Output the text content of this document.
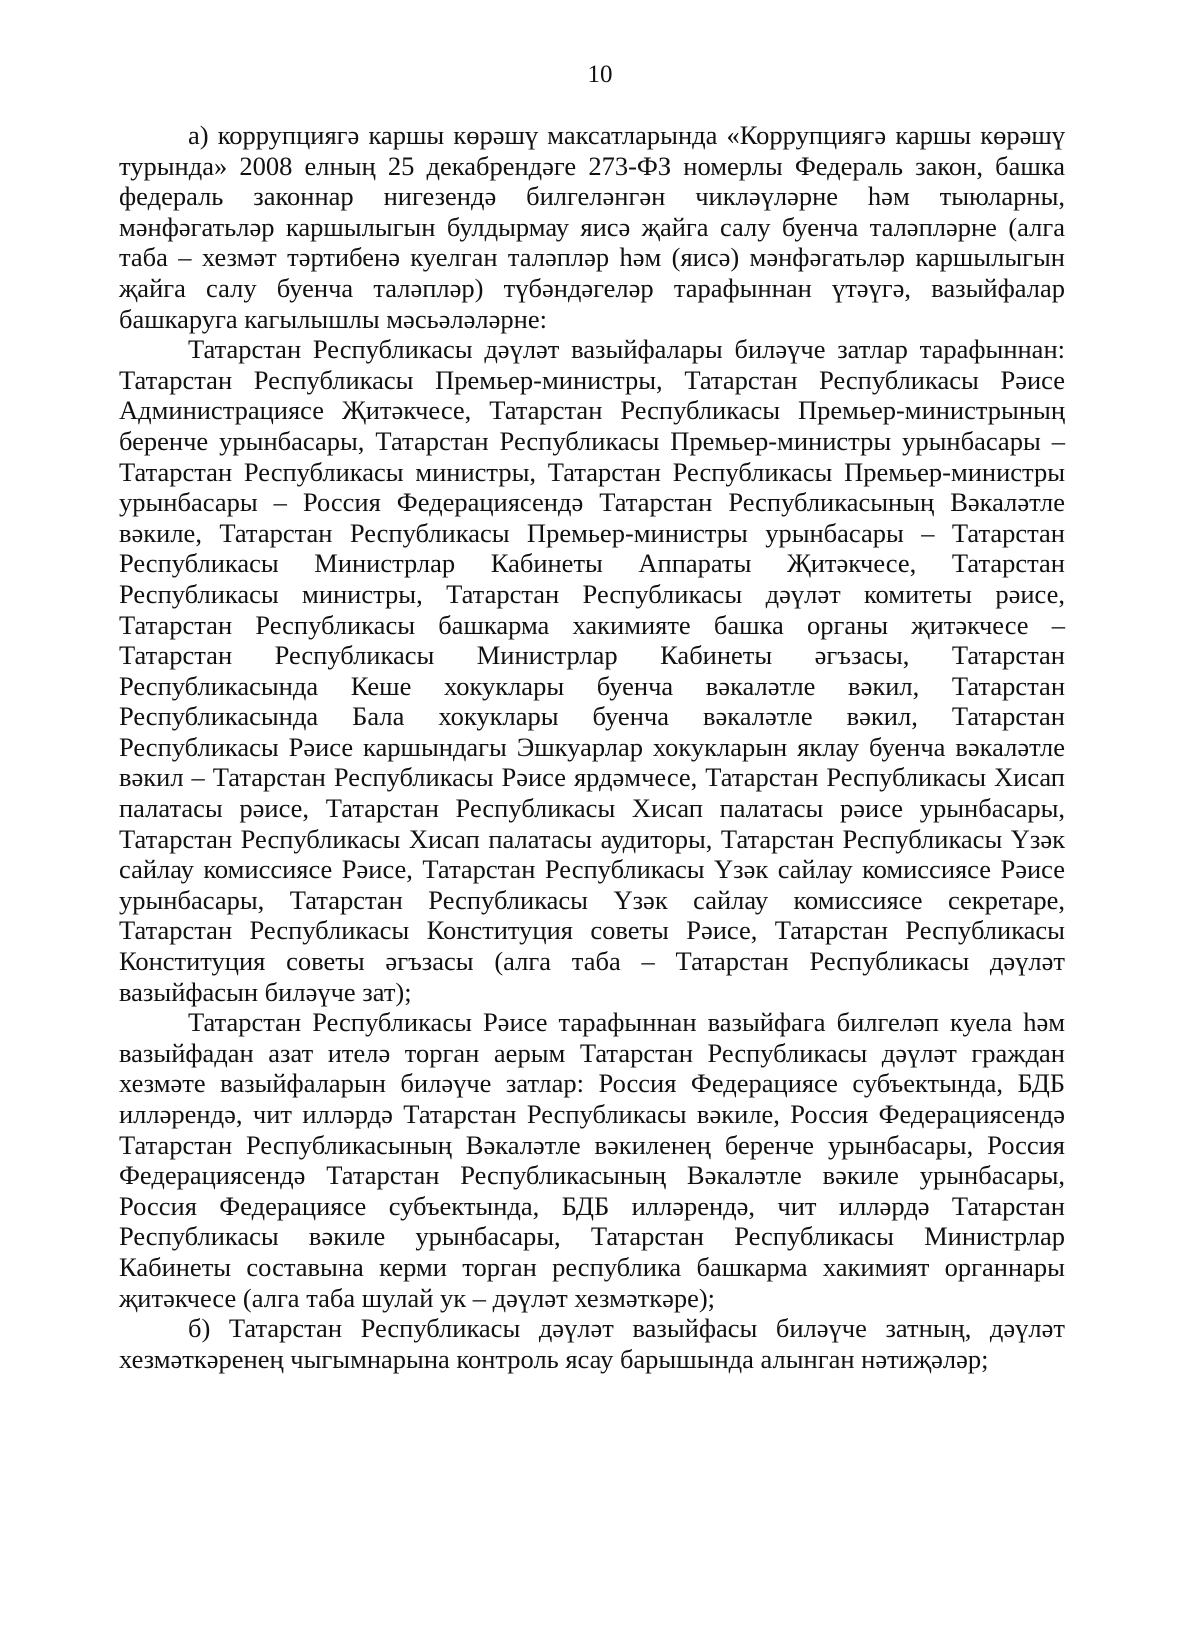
10

а) коррупциягә каршы көрәшү максатларында «Коррупциягә каршы көрәшү турында» 2008 елның 25 декабрендәге 273-ФЗ номерлы Федераль закон, башка федераль законнар нигезендә билгеләнгән чикләүләрне һәм тыюларны, мәнфәгатьләр каршылыгын булдырмау яисә җайга салу буенча таләпләрне (алга таба – хезмәт тәртибенә куелган таләпләр һәм (яисә) мәнфәгатьләр каршылыгын җайга салу буенча таләпләр) түбәндәгеләр тарафыннан үтәүгә, вазыйфалар башкаруга кагылышлы мәсьәләләрне:

Татарстан Республикасы дәүләт вазыйфалары биләүче затлар тарафыннан: Татарстан Республикасы Премьер-министры, Татарстан Республикасы Рәисе Администрациясе Җитәкчесе, Татарстан Республикасы Премьер-министрының беренче урынбасары, Татарстан Республикасы Премьер-министры урынбасары – Татарстан Республикасы министры, Татарстан Республикасы Премьер-министры урынбасары – Россия Федерациясендә Татарстан Республикасының Вәкаләтле вәкиле, Татарстан Республикасы Премьер-министры урынбасары – Татарстан Республикасы Министрлар Кабинеты Аппараты Җитәкчесе, Татарстан Республикасы министры, Татарстан Республикасы дәүләт комитеты рәисе, Татарстан Республикасы башкарма хакимияте башка органы җитәкчесе – Татарстан Республикасы Министрлар Кабинеты әгъзасы, Татарстан Республикасында Кеше хокуклары буенча вәкаләтле вәкил, Татарстан Республикасында Бала хокуклары буенча вәкаләтле вәкил, Татарстан Республикасы Рәисе каршындагы Эшкуарлар хокукларын яклау буенча вәкаләтле вәкил – Татарстан Республикасы Рәисе ярдәмчесе, Татарстан Республикасы Хисап палатасы рәисе, Татарстан Республикасы Хисап палатасы рәисе урынбасары, Татарстан Республикасы Хисап палатасы аудиторы, Татарстан Республикасы Үзәк сайлау комиссиясе Рәисе, Татарстан Республикасы Үзәк сайлау комиссиясе Рәисе урынбасары, Татарстан Республикасы Үзәк сайлау комиссиясе секретаре, Татарстан Республикасы Конституция советы Рәисе, Татарстан Республикасы Конституция советы әгъзасы (алга таба – Татарстан Республикасы дәүләт вазыйфасын биләүче зат);

Татарстан Республикасы Рәисе тарафыннан вазыйфага билгеләп куела һәм вазыйфадан азат ителә торган аерым Татарстан Республикасы дәүләт граждан хезмәте вазыйфаларын биләүче затлар: Россия Федерациясе субъектында, БДБ илләрендә, чит илләрдә Татарстан Республикасы вәкиле, Россия Федерациясендә Татарстан Республикасының Вәкаләтле вәкиленең беренче урынбасары, Россия Федерациясендә Татарстан Республикасының Вәкаләтле вәкиле урынбасары, Россия Федерациясе субъектында, БДБ илләрендә, чит илләрдә Татарстан Республикасы вәкиле урынбасары, Татарстан Республикасы Министрлар Кабинеты составына керми торган республика башкарма хакимият органнары җитәкчесе (алга таба шулай ук – дәүләт хезмәткәре);

б) Татарстан Республикасы дәүләт вазыйфасы биләүче затның, дәүләт хезмәткәренең чыгымнарына контроль ясау барышында алынган нәтиҗәләр;
